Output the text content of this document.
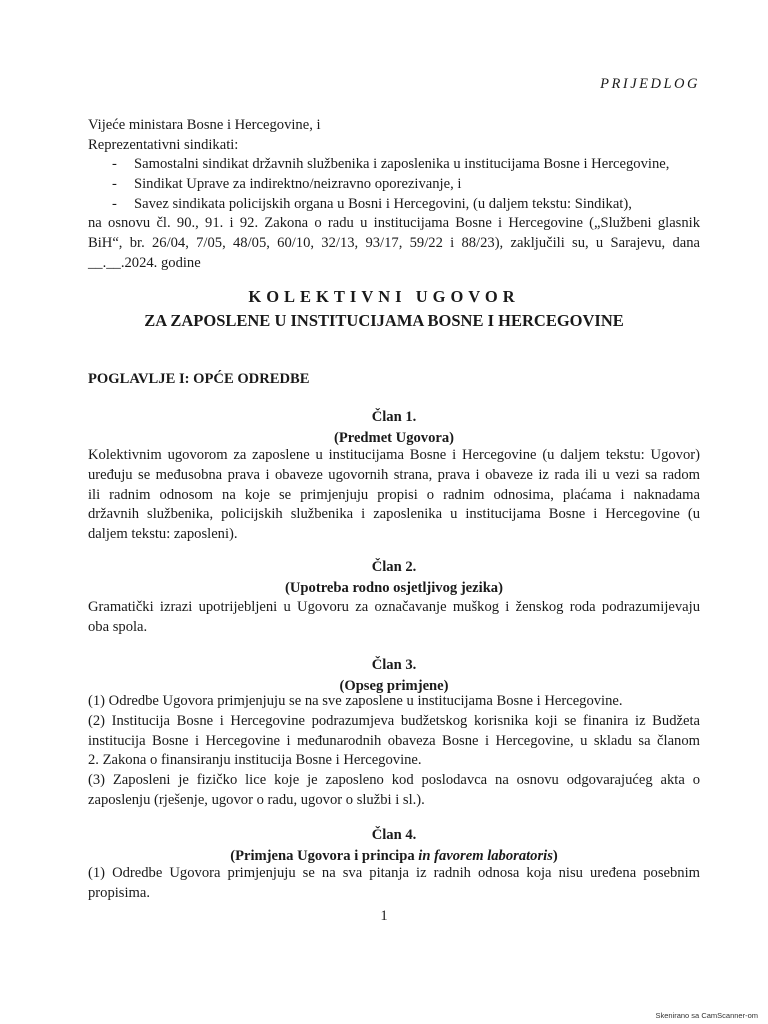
PRIJEDLOG
Vijeće ministara Bosne i Hercegovine, i
Reprezentativni sindikati:
- Samostalni sindikat državnih službenika i zaposlenika u institucijama Bosne i Hercegovine,
- Sindikat Uprave za indirektno/neizravno oporezivanje, i
- Savez sindikata policijskih organa u Bosni i Hercegovini, (u daljem tekstu: Sindikat),
na osnovu čl. 90., 91. i 92. Zakona o radu u institucijama Bosne i Hercegovine („Službeni glasnik
BiH“, br. 26/04, 7/05, 48/05, 60/10, 32/13, 93/17, 59/22 i 88/23), zaključili su, u Sarajevu, dana
__.__.2024. godine
KOLEKTIVNI UGOVOR
ZA ZAPOSLENE U INSTITUCIJAMA BOSNE I HERCEGOVINE
POGLAVLJE I: OPĆE ODREDBE
Član 1.
(Predmet Ugovora)
Kolektivnim ugovorom za zaposlene u institucijama Bosne i Hercegovine (u daljem tekstu: Ugovor)
uređuju se međusobna prava i obaveze ugovornih strana, prava i obaveze iz rada ili u vezi sa radom
ili radnim odnosom na koje se primjenjuju propisi o radnim odnosima, plaćama i naknadama
državnih službenika, policijskih službenika i zaposlenika u institucijama Bosne i Hercegovine (u
daljem tekstu: zaposleni).
Član 2.
(Upotreba rodno osjetljivog jezika)
Gramatički izrazi upotrijebljeni u Ugovoru za označavanje muškog i ženskog roda podrazumijevaju
oba spola.
Član 3.
(Opseg primjene)
(1) Odredbe Ugovora primjenjuju se na sve zaposlene u institucijama Bosne i Hercegovine.
(2) Institucija Bosne i Hercegovine podrazumjeva budžetskog korisnika koji se finanira iz Budžeta
institucija Bosne i Hercegovine i međunarodnih obaveza Bosne i Hercegovine, u skladu sa članom
2. Zakona o finansiranju institucija Bosne i Hercegovine.
(3) Zaposleni je fizičko lice koje je zaposleno kod poslodavca na osnovu odgovarajućeg akta o
zaposlenju (rješenje, ugovor o radu, ugovor o službi i sl.).
Član 4.
(Primjena Ugovora i principa in favorem laboratoris)
(1) Odredbe Ugovora primjenjuju se na sva pitanja iz radnih odnosa koja nisu uređena posebnim
propisima.
1
Skenirano sa CamScanner-om
